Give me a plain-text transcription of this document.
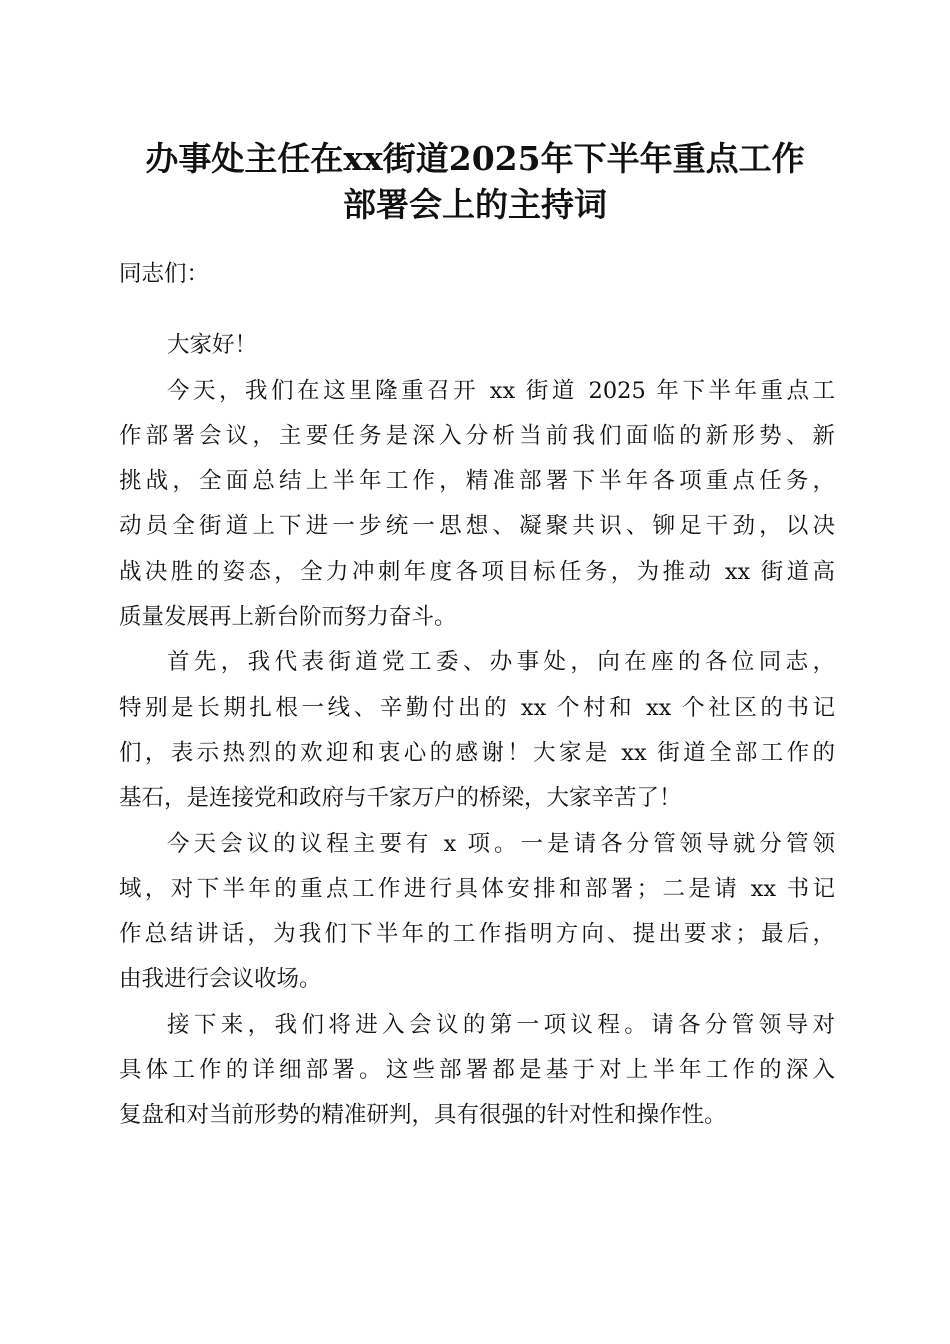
办事处主任在xx街道2025年下半年重点工作
部署会上的主持词
同志们：
大家好！
今天，我们在这里隆重召开 xx 街道 2025 年下半年重点工
作部署会议，主要任务是深入分析当前我们面临的新形势、新
挑战，全面总结上半年工作，精准部署下半年各项重点任务，
动员全街道上下进一步统一思想、凝聚共识、铆足干劲，以决
战决胜的姿态，全力冲刺年度各项目标任务，为推动 xx 街道高
质量发展再上新台阶而努力奋斗。
首先，我代表街道党工委、办事处，向在座的各位同志，
特别是长期扎根一线、辛勤付出的 xx 个村和 xx 个社区的书记
们，表示热烈的欢迎和衷心的感谢！大家是 xx 街道全部工作的
基石，是连接党和政府与千家万户的桥梁，大家辛苦了！
今天会议的议程主要有 x 项。一是请各分管领导就分管领
域，对下半年的重点工作进行具体安排和部署；二是请 xx 书记
作总结讲话，为我们下半年的工作指明方向、提出要求；最后，
由我进行会议收场。
接下来，我们将进入会议的第一项议程。请各分管领导对
具体工作的详细部署。这些部署都是基于对上半年工作的深入
复盘和对当前形势的精准研判，具有很强的针对性和操作性。
